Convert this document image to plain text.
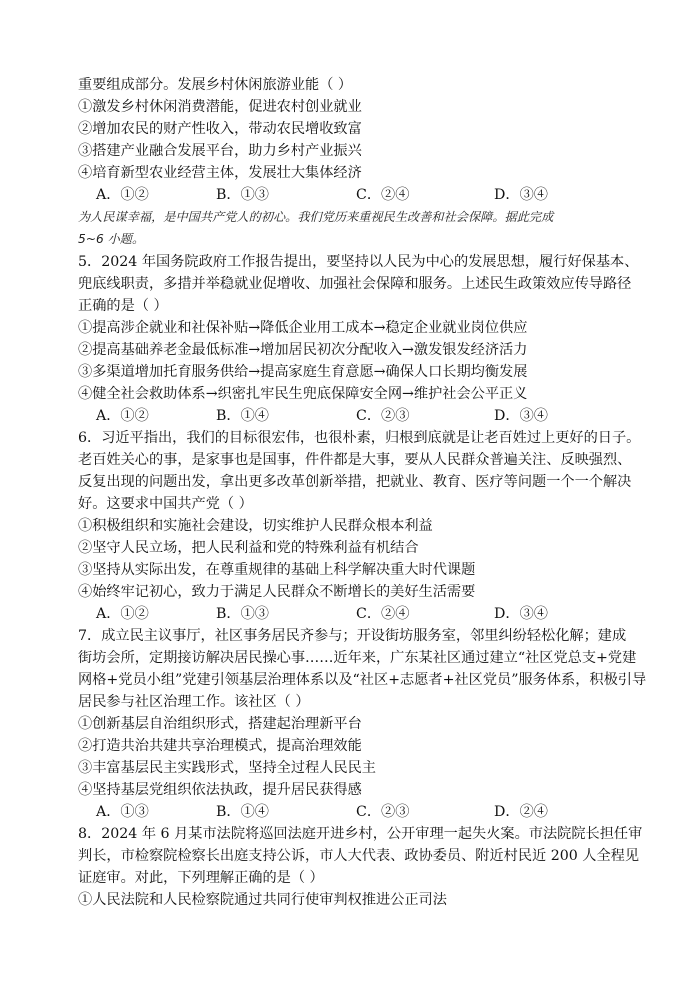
重要组成部分。发展乡村休闲旅游业能（ ）
①激发乡村休闲消费潜能，促进农村创业就业
②增加农民的财产性收入，带动农民增收致富
③搭建产业融合发展平台，助力乡村产业振兴
④培育新型农业经营主体，发展壮大集体经济
A．①②	B．①③	C．②④	D．③④
为人民谋幸福，是中国共产党人的初心。我们党历来重视民生改善和社会保障。据此完成
5~6 小题。
5．2024 年国务院政府工作报告提出，要坚持以人民为中心的发展思想，履行好保基本、
兜底线职责，多措并举稳就业促增收、加强社会保障和服务。上述民生政策效应传导路径
正确的是（ ）
①提高涉企就业和社保补贴→降低企业用工成本→稳定企业就业岗位供应
②提高基础养老金最低标准→增加居民初次分配收入→激发银发经济活力
③多渠道增加托育服务供给→提高家庭生育意愿→确保人口长期均衡发展
④健全社会救助体系→织密扎牢民生兜底保障安全网→维护社会公平正义
A．①②	B．①④	C．②③	D．③④
6．习近平指出，我们的目标很宏伟，也很朴素，归根到底就是让老百姓过上更好的日子。
老百姓关心的事，是家事也是国事，件件都是大事，要从人民群众普遍关注、反映强烈、
反复出现的问题出发，拿出更多改革创新举措，把就业、教育、医疗等问题一个一个解决
好。这要求中国共产党（ ）
①积极组织和实施社会建设，切实维护人民群众根本利益
②坚守人民立场，把人民利益和党的特殊利益有机结合
③坚持从实际出发，在尊重规律的基础上科学解决重大时代课题
④始终牢记初心，致力于满足人民群众不断增长的美好生活需要
A．①②	B．①③	C．②④	D．③④
7．成立民主议事厅，社区事务居民齐参与；开设街坊服务室，邻里纠纷轻松化解；建成
街坊会所，定期接访解决居民操心事……近年来，广东某社区通过建立“社区党总支+党建
网格+党员小组”党建引领基层治理体系以及“社区+志愿者+社区党员”服务体系，积极引导
居民参与社区治理工作。该社区（ ）
①创新基层自治组织形式，搭建起治理新平台
②打造共治共建共享治理模式，提高治理效能
③丰富基层民主实践形式，坚持全过程人民民主
④坚持基层党组织依法执政，提升居民获得感
A．①③	B．①④	C．②③	D．②④
8．2024 年 6 月某市法院将巡回法庭开进乡村，公开审理一起失火案。市法院院长担任审
判长，市检察院检察长出庭支持公诉，市人大代表、政协委员、附近村民近 200 人全程见
证庭审。对此，下列理解正确的是（ ）
①人民法院和人民检察院通过共同行使审判权推进公正司法
